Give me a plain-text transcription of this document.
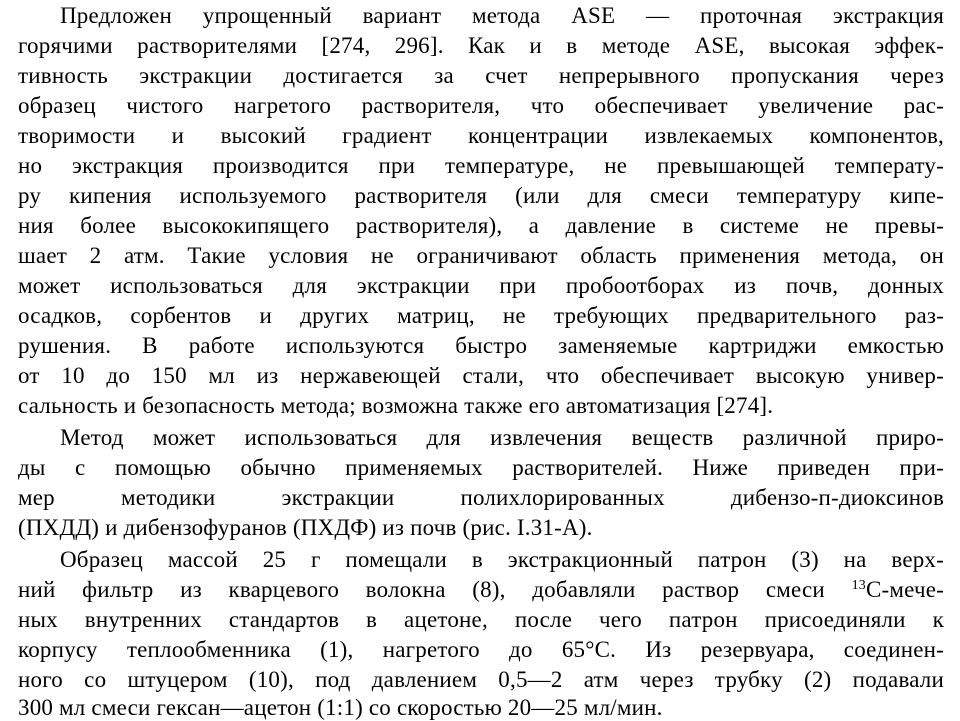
Предложен упрощенный вариант метода ASE — проточная экстракция
горячими растворителями [274, 296]. Как и в методе ASE, высокая эффек-
тивность экстракции достигается за счет непрерывного пропускания через
образец чистого нагретого растворителя, что обеспечивает увеличение рас-
творимости и высокий градиент концентрации извлекаемых компонентов,
но экстракция производится при температуре, не превышающей температу-
ру кипения используемого растворителя (или для смеси температуру кипе-
ния более высококипящего растворителя), а давление в системе не превы-
шает 2 атм. Такие условия не ограничивают область применения метода, он
может использоваться для экстракции при пробоотборах из почв, донных
осадков, сорбентов и других матриц, не требующих предварительного раз-
рушения. В работе используются быстро заменяемые картриджи емкостью
от 10 до 150 мл из нержавеющей стали, что обеспечивает высокую универ-
сальность и безопасность метода; возможна также его автоматизация [274].
Метод может использоваться для извлечения веществ различной приро-
ды с помощью обычно применяемых растворителей. Ниже приведен при-
мер методики экстракции полихлорированных дибензо-п-диоксинов
(ПХДД) и дибензофуранов (ПХДФ) из почв (рис. I.31-А).
Образец массой 25 г помещали в экстракционный патрон (3) на верх-
ний фильтр из кварцевого волокна (8), добавляли раствор смеси $^{13}$С-мече-
ных внутренних стандартов в ацетоне, после чего патрон присоединяли к
корпусу теплообменника (1), нагретого до 65°С. Из резервуара, соединен-
ного со штуцером (10), под давлением 0,5—2 атм через трубку (2) подавали
300 мл смеси гексан—ацетон (1:1) со скоростью 20—25 мл/мин.
